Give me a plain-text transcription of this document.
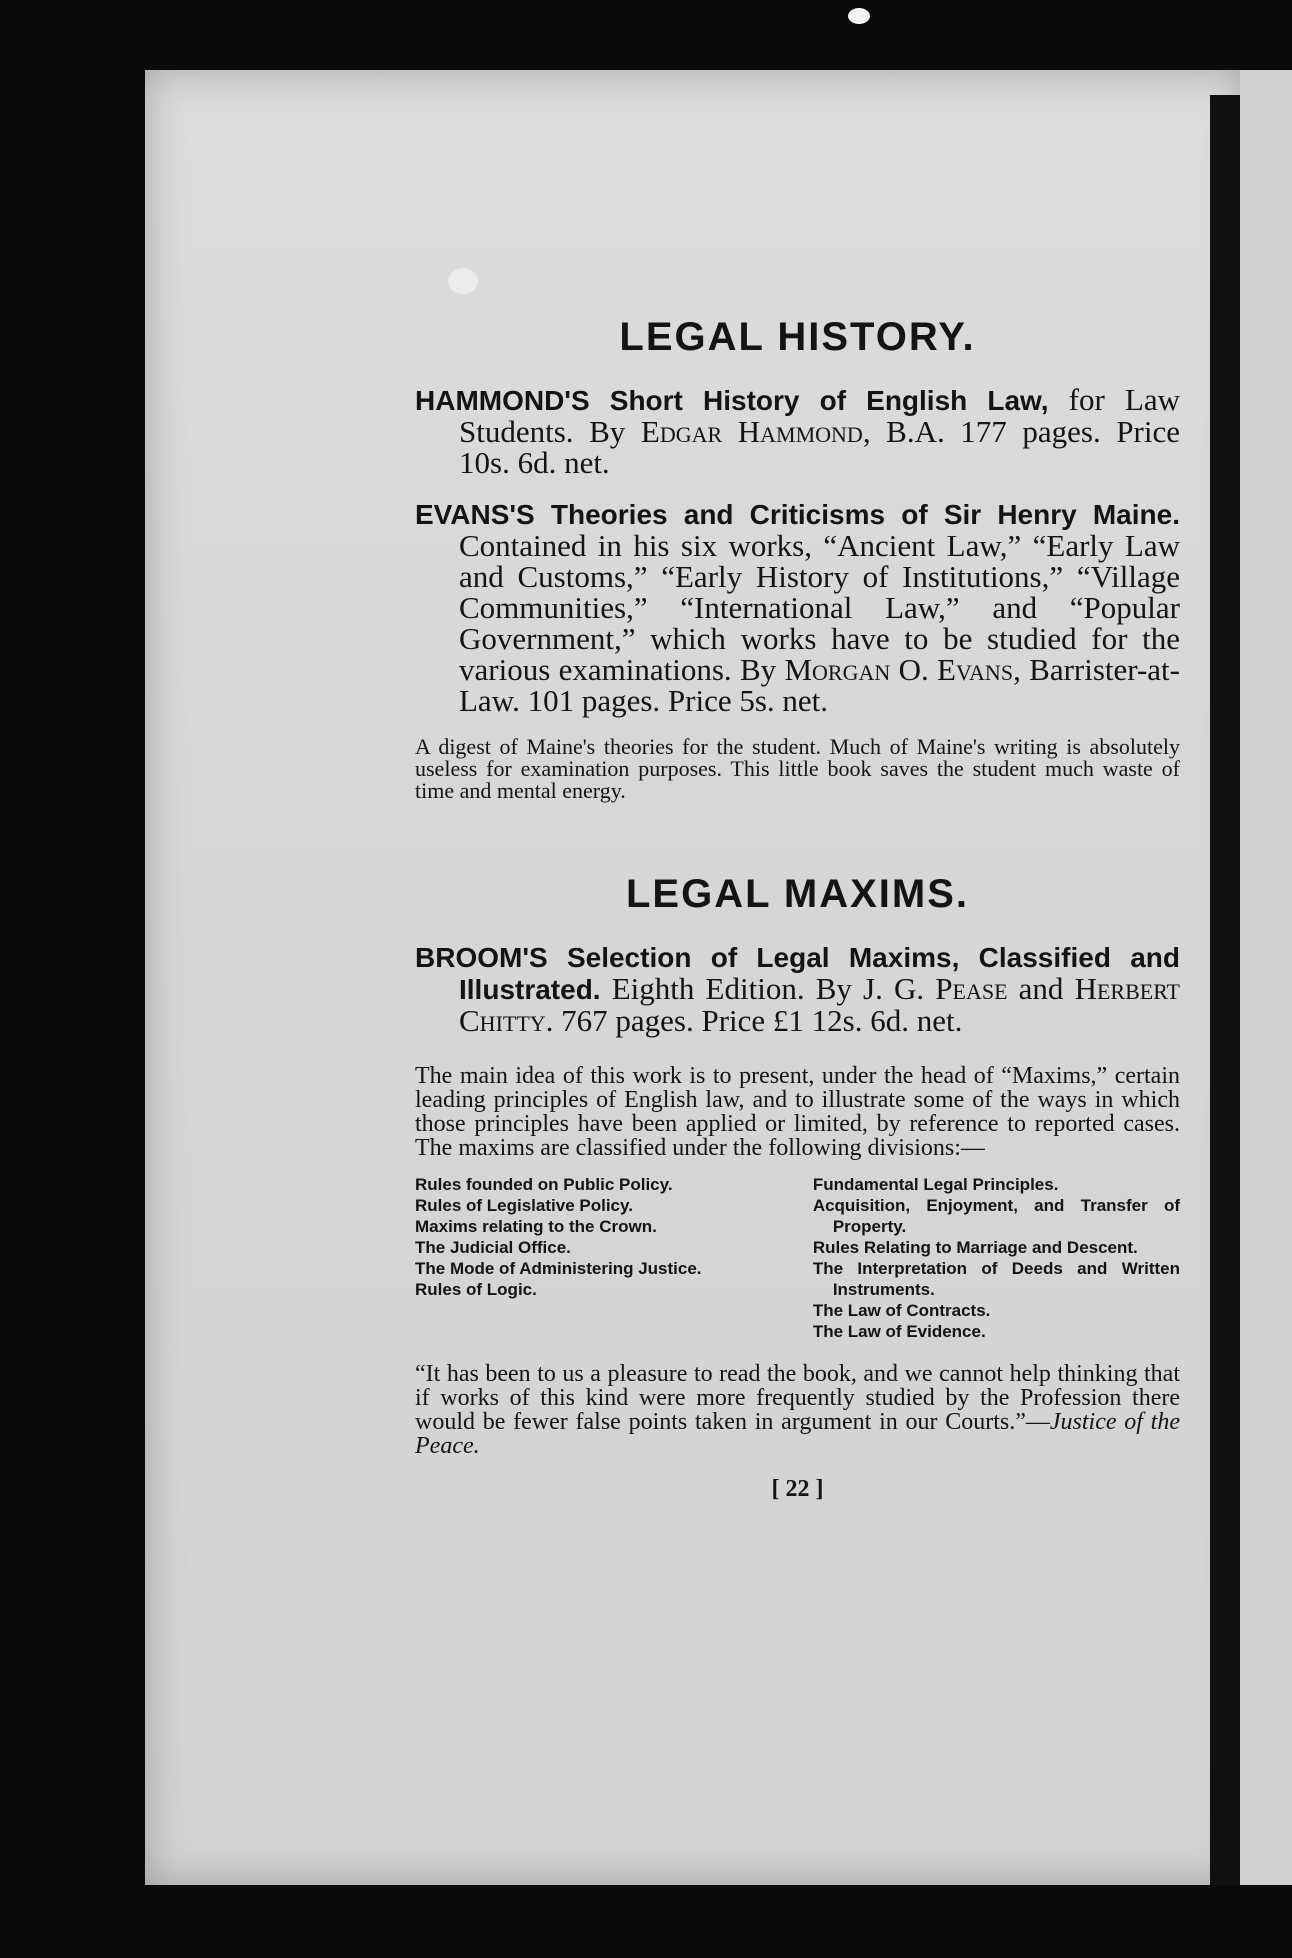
LEGAL HISTORY.

HAMMOND'S Short History of English Law, for Law Students. By Edgar Hammond, B.A. 177 pages. Price 10s. 6d. net.

EVANS'S Theories and Criticisms of Sir Henry Maine. Contained in his six works, “Ancient Law,” “Early Law and Customs,” “Early History of Institutions,” “Village Communities,” “International Law,” and “Popular Government,” which works have to be studied for the various examinations. By Morgan O. Evans, Barrister-at-Law. 101 pages. Price 5s. net.

A digest of Maine's theories for the student. Much of Maine's writing is absolutely useless for examination purposes. This little book saves the student much waste of time and mental energy.

LEGAL MAXIMS.

BROOM'S Selection of Legal Maxims, Classified and Illustrated. Eighth Edition. By J. G. Pease and Herbert Chitty. 767 pages. Price £1 12s. 6d. net.

The main idea of this work is to present, under the head of “Maxims,” certain leading principles of English law, and to illustrate some of the ways in which those principles have been applied or limited, by reference to reported cases. The maxims are classified under the following divisions:—

Rules founded on Public Policy.
Rules of Legislative Policy.
Maxims relating to the Crown.
The Judicial Office.
The Mode of Administering Justice.
Rules of Logic.
Fundamental Legal Principles.
Acquisition, Enjoyment, and Transfer of Property.
Rules Relating to Marriage and Descent.
The Interpretation of Deeds and Written Instruments.
The Law of Contracts.
The Law of Evidence.

“It has been to us a pleasure to read the book, and we cannot help thinking that if works of this kind were more frequently studied by the Profession there would be fewer false points taken in argument in our Courts.”—Justice of the Peace.

[ 22 ]
